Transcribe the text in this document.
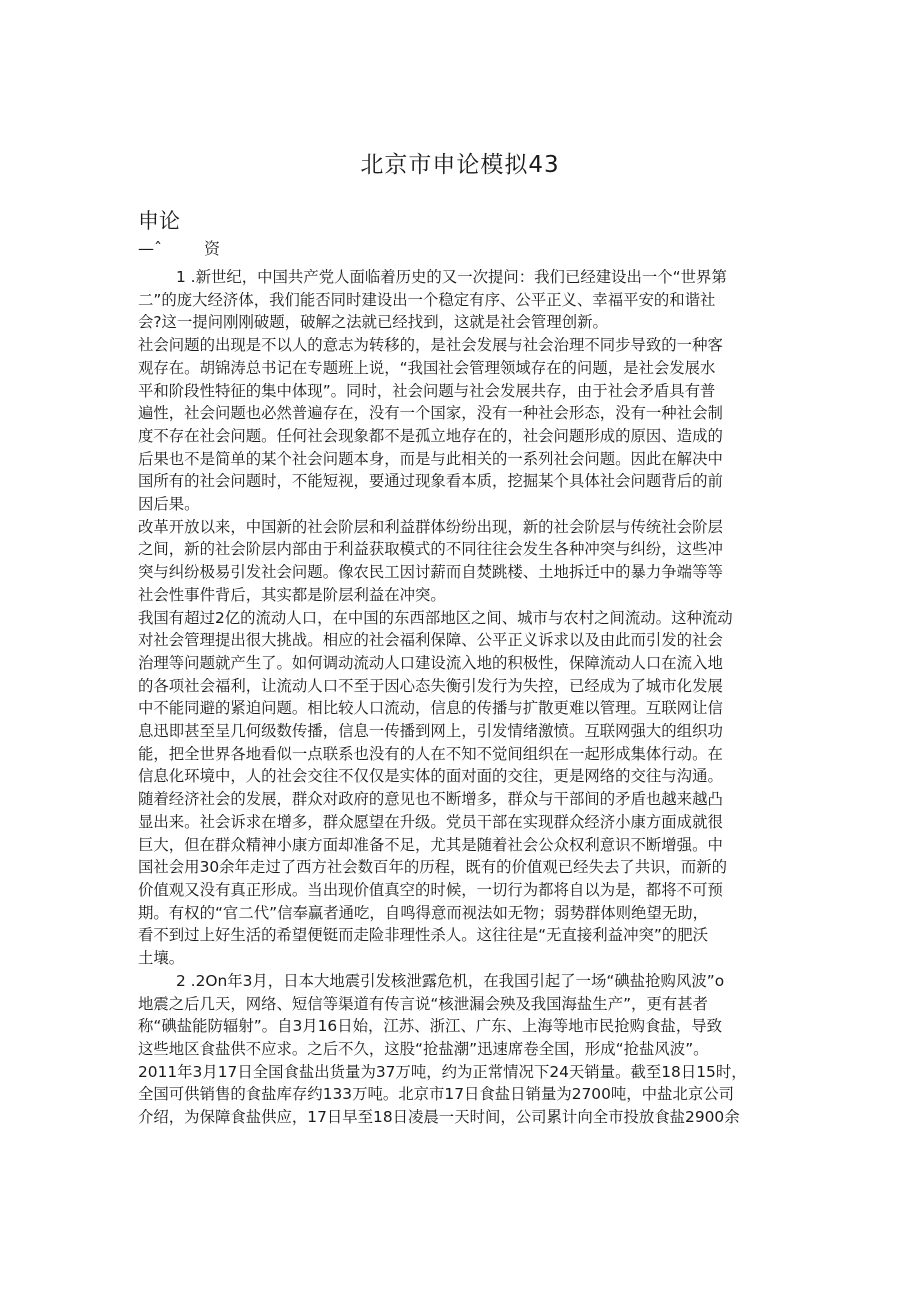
北京市申论模拟43
申论
—ˆ	资
1 .新世纪，中国共产党人面临着历史的又一次提问：我们已经建设出一个“世界第
二”的庞大经济体，我们能否同时建设出一个稳定有序、公平正义、幸福平安的和谐社
会?这一提问刚刚破题，破解之法就已经找到，这就是社会管理创新。
社会问题的出现是不以人的意志为转移的，是社会发展与社会治理不同步导致的一种客
观存在。胡锦涛总书记在专题班上说，“我国社会管理领域存在的问题，是社会发展水
平和阶段性特征的集中体现”。同时，社会问题与社会发展共存，由于社会矛盾具有普
遍性，社会问题也必然普遍存在，没有一个国家，没有一种社会形态，没有一种社会制
度不存在社会问题。任何社会现象都不是孤立地存在的，社会问题形成的原因、造成的
后果也不是简单的某个社会问题本身，而是与此相关的一系列社会问题。因此在解决中
国所有的社会问题时，不能短视，要通过现象看本质，挖掘某个具体社会问题背后的前
因后果。
改革开放以来，中国新的社会阶层和利益群体纷纷出现，新的社会阶层与传统社会阶层
之间，新的社会阶层内部由于利益获取模式的不同往往会发生各种冲突与纠纷，这些冲
突与纠纷极易引发社会问题。像农民工因讨薪而自焚跳楼、土地拆迁中的暴力争端等等
社会性事件背后，其实都是阶层利益在冲突。
我国有超过2亿的流动人口，在中国的东西部地区之间、城市与农村之间流动。这种流动
对社会管理提出很大挑战。相应的社会福利保障、公平正义诉求以及由此而引发的社会
治理等问题就产生了。如何调动流动人口建设流入地的积极性，保障流动人口在流入地
的各项社会福利，让流动人口不至于因心态失衡引发行为失控，已经成为了城市化发展
中不能同避的紧迫问题。相比较人口流动，信息的传播与扩散更难以管理。互联网让信
息迅即甚至呈几何级数传播，信息一传播到网上，引发情绪激愤。互联网强大的组织功
能，把全世界各地看似一点联系也没有的人在不知不觉间组织在一起形成集体行动。在
信息化环境中，人的社会交往不仅仅是实体的面对面的交往，更是网络的交往与沟通。
随着经济社会的发展，群众对政府的意见也不断增多，群众与干部间的矛盾也越来越凸
显出来。社会诉求在增多，群众愿望在升级。党员干部在实现群众经济小康方面成就很
巨大，但在群众精神小康方面却准备不足，尤其是随着社会公众权利意识不断增强。中
国社会用30余年走过了西方社会数百年的历程，既有的价值观已经失去了共识，而新的
价值观又没有真正形成。当出现价值真空的时候，一切行为都将自以为是，都将不可预
期。有权的“官二代”信奉赢者通吃，自鸣得意而视法如无物；弱势群体则绝望无助，
看不到过上好生活的希望便铤而走险非理性杀人。这往往是“无直接利益冲突”的肥沃
土壤。
2 .2On年3月，日本大地震引发核泄露危机，在我国引起了一场“碘盐抢购风波”o
地震之后几天，网络、短信等渠道有传言说“核泄漏会殃及我国海盐生产”，更有甚者
称“碘盐能防辐射”。自3月16日始，江苏、浙江、广东、上海等地市民抢购食盐，导致
这些地区食盐供不应求。之后不久，这股“抢盐潮”迅速席卷全国，形成“抢盐风波”。
2011年3月17日全国食盐出货量为37万吨，约为正常情况下24天销量。截至18日15时，
全国可供销售的食盐库存约133万吨。北京市17日食盐日销量为2700吨，中盐北京公司
介绍，为保障食盐供应，17日早至18日凌晨一天时间，公司累计向全市投放食盐2900余
